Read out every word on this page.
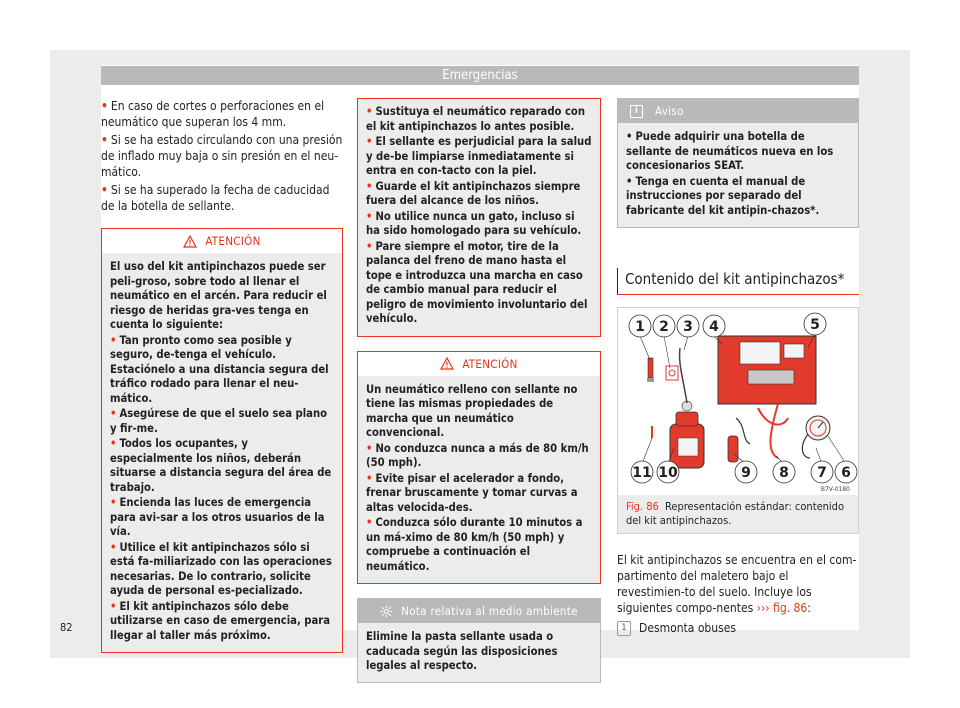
Emergencias
• En caso de cortes o perforaciones en el neumático que superan los 4 mm.
• Si se ha estado circulando con una presión de inflado muy baja o sin presión en el neu-mático.
• Si se ha superado la fecha de caducidad de la botella de sellante.
ATENCIÓN

El uso del kit antipinchazos puede ser peli-groso, sobre todo al llenar el neumático en el arcén. Para reducir el riesgo de heridas gra-ves tenga en cuenta lo siguiente:

• Tan pronto como sea posible y seguro, de-tenga el vehículo. Estaciónelo a una distancia segura del tráfico rodado para llenar el neu-mático.
• Asegúrese de que el suelo sea plano y fir-me.
• Todos los ocupantes, y especialmente los niños, deberán situarse a distancia segura del área de trabajo.
• Encienda las luces de emergencia para avi-sar a los otros usuarios de la vía.
• Utilice el kit antipinchazos sólo si está fa-miliarizado con las operaciones necesarias. De lo contrario, solicite ayuda de personal es-pecializado.
• El kit antipinchazos sólo debe utilizarse en caso de emergencia, para llegar al taller más próximo.
• Sustituya el neumático reparado con el kit antipinchazos lo antes posible.
• El sellante es perjudicial para la salud y de-be limpiarse inmediatamente si entra en con-tacto con la piel.
• Guarde el kit antipinchazos siempre fuera del alcance de los niños.
• No utilice nunca un gato, incluso si ha sido homologado para su vehículo.
• Pare siempre el motor, tire de la palanca del freno de mano hasta el tope e introduzca una marcha en caso de cambio manual para reducir el peligro de movimiento involuntario del vehículo.
ATENCIÓN

Un neumático relleno con sellante no tiene las mismas propiedades de marcha que un neumático convencional.

• No conduzca nunca a más de 80 km/h (50 mph).
• Evite pisar el acelerador a fondo, frenar bruscamente y tomar curvas a altas velocida-des.
• Conduzca sólo durante 10 minutos a un má-ximo de 80 km/h (50 mph) y compruebe a continuación el neumático.
Nota relativa al medio ambiente
Elimine la pasta sellante usada o caducada según las disposiciones legales al respecto.
i	Aviso
• Puede adquirir una botella de sellante de neumáticos nueva en los concesionarios SEAT.
• Tenga en cuenta el manual de instrucciones por separado del fabricante del kit antipin-chazos*.
Contenido del kit antipinchazos*
1 2 3 4	5
11 10	9 8 7 6
B7V-0180
Fig. 86 Representación estándar: contenido del kit antipinchazos.
El kit antipinchazos se encuentra en el com-partimento del maletero bajo el revestimien-to del suelo. Incluye los siguientes compo-nentes ››› fig. 86:
1	Desmonta obuses
82
